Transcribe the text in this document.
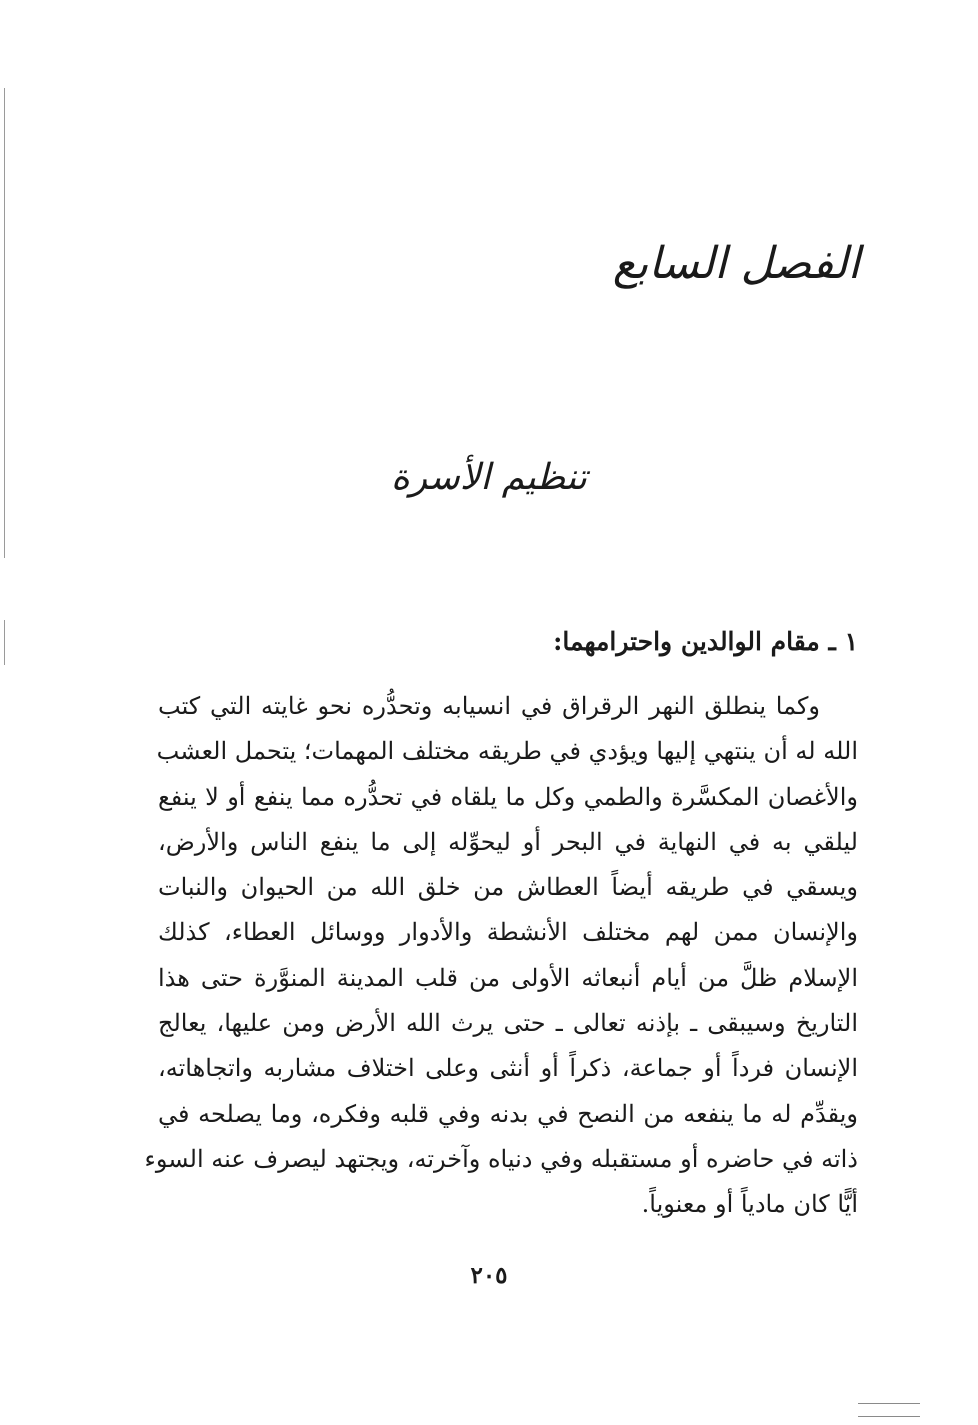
الفصل السابع
تنظيم الأسرة
١ ـ مقام الوالدين واحترامهما:
وكما ينطلق النهر الرقراق في انسيابه وتحدُّره نحو غايته التي كتب
الله له أن ينتهي إليها ويؤدي في طريقه مختلف المهمات؛ يتحمل العشب
والأغصان المكسَّرة والطمي وكل ما يلقاه في تحدُّره مما ينفع أو لا ينفع
ليلقي به في النهاية في البحر أو ليحوِّله إلى ما ينفع الناس والأرض،
ويسقي في طريقه أيضاً العطاش من خلق الله من الحيوان والنبات
والإنسان ممن لهم مختلف الأنشطة والأدوار ووسائل العطاء، كذلك
الإسلام ظلَّ من أيام أنبعاثه الأولى من قلب المدينة المنوَّرة حتى هذا
التاريخ وسيبقى ـ بإذنه تعالى ـ حتى يرث الله الأرض ومن عليها، يعالج
الإنسان فرداً أو جماعة، ذكراً أو أنثى وعلى اختلاف مشاربه واتجاهاته،
ويقدِّم له ما ينفعه من النصح في بدنه وفي قلبه وفكره، وما يصلحه في
ذاته في حاضره أو مستقبله وفي دنياه وآخرته، ويجتهد ليصرف عنه السوء
أيًّا كان مادياً أو معنوياً.
٢٠٥
